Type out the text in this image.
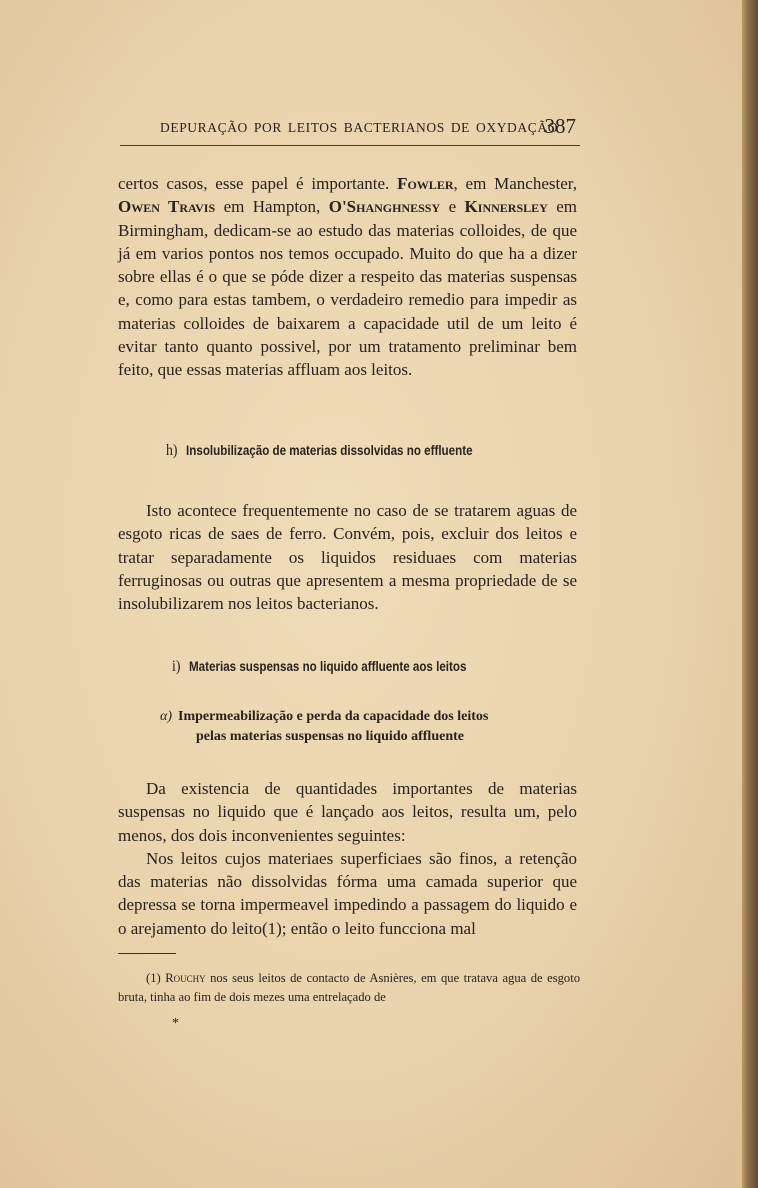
DEPURAÇÃO POR LEITOS BACTERIANOS DE OXYDAÇÃO
387

certos casos, esse papel é importante. Fowler, em Manchester, Owen Travis em Hampton, O'Shanghnessy e Kinnersley em Birmingham, dedicam-se ao estudo das materias colloides, de que já em varios pontos nos temos occupado. Muito do que ha a dizer sobre ellas é o que se póde dizer a respeito das materias suspensas e, como para estas tambem, o verdadeiro remedio para impedir as materias colloides de baixarem a capacidade util de um leito é evitar tanto quanto possivel, por um tratamento preliminar bem feito, que essas materias affluam aos leitos.

h) Insolubilização de materias dissolvidas no effluente

Isto acontece frequentemente no caso de se tratarem aguas de esgoto ricas de saes de ferro. Convém, pois, excluir dos leitos e tratar separadamente os liquidos residuaes com materias ferruginosas ou outras que apresentem a mesma propriedade de se insolubilizarem nos leitos bacterianos.

i) Materias suspensas no liquido affluente aos leitos
α) Impermeabilização e perda da capacidade dos leitos
pelas materias suspensas no liquido affluente

Da existencia de quantidades importantes de materias suspensas no liquido que é lançado aos leitos, resulta um, pelo menos, dos dois inconvenientes seguintes:

Nos leitos cujos materiaes superficiaes são finos, a retenção das materias não dissolvidas fórma uma camada superior que depressa se torna impermeavel impedindo a passagem do liquido e o arejamento do leito(1); então o leito funcciona mal

(1) Rouchy nos seus leitos de contacto de Asnières, em que tratava agua de esgoto bruta, tinha ao fim de dois mezes uma entrelaçado de
*
